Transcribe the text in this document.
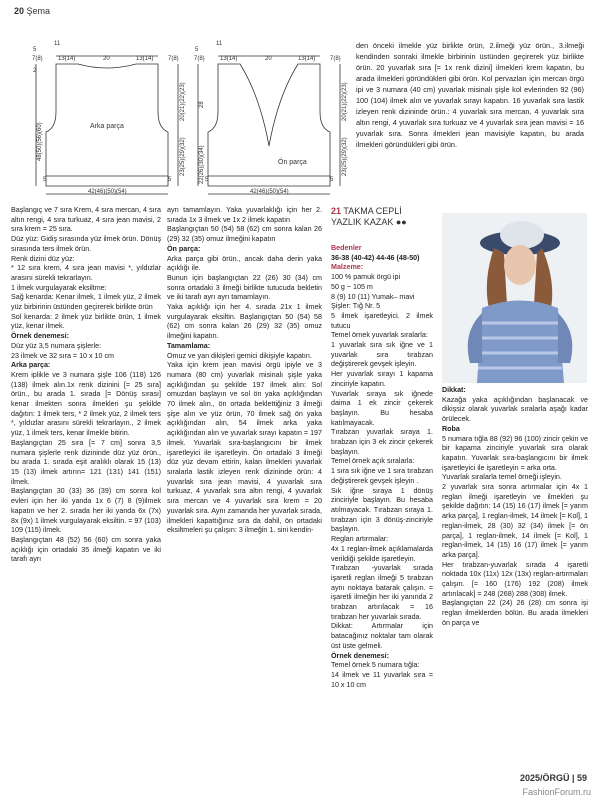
20 Şema
5
11
7(8)	13(14)	20	13(14) 7(8)
2
Arka parça
5
42(46)(50)(54)
5
48(50)(56)(60)
20(21)(22)(23)
23(25)(29)(32)
5
11
7(8)	13(14)	20	13(14) 7(8)
Ön parça
5
42(46)(50)(54)
5
28
22(26)(30)(34)
20(21)(22)(23)
23(25)(29)(32)

den önceki ilmekle yüz birlikte örün, 2.ilmeği yüz örün., 3.ilmeği kendinden sonraki ilmekle birbirinin üstünden geçirerek yüz birlikte örün. 20 yuvarlak sıra [= 1x renk dizini] ilmekleri krem kapatın, bu arada ilmekleri göründükleri gibi örün. Kol pervazları için mercan örgü ipi ve 3 numara (40 cm) yuvarlak misinalı şişle kol evlerinden 92 (96) 100 (104) ilmek alın ve yuvarlak sırayı kapatın. 16 yuvarlak sıra lastik izleyen renk dizininde örün.: 4 yuvarlak sıra mercan, 4 yuvarlak sıra altın rengi, 4 yuvarlak sıra turkuaz ve 4 yuvarlak sıra jean mavisi = 16 yuvarlak sıra. Sonra ilmekleri jean mavisiyle kapatın, bu arada ilmekleri göründükleri gibi örün.

Başlangıç ve 7 sıra Krem, 4 sıra mercan, 4 sıra altın rengi, 4 sıra turkuaz, 4 sıra jean mavisi, 2 sıra krem = 25 sıra.

Düz yüz: Gidiş sırasında yüz ilmek örün. Dönüş sırasında ters ilmek örün.

Renk dizini düz yüz:

* 12 sıra krem, 4 sıra jean mavisi *, yıldızlar arasını sürekli tekrarlayın.

1 ilmek vurgulayarak eksiltme:

Sağ kenarda: Kenar ilmek, 1 ilmek yüz, 2 ilmek yüz birbirinin üstünden geçirerek birlikte örün

Sol kenarda: 2 ilmek yüz birlikte örün, 1 ilmek yüz, kenar ilmek.

Örnek denemesi:

Düz yüz 3,5 numara şişlerle:

23 ilmek ve 32 sıra = 10 x 10 cm

Arka parça:

Krem iplikle ve 3 numara şişle 106 (118) 126 (138) ilmek alın.1x renk dizinini [= 25 sıra] örün., bu arada 1. sırada [= Dönüş sırası] kenar ilmekten sonra ilmekleri şu şekilde dağıtın: 1 ilmek ters, * 2 ilmek yüz, 2 ilmek ters *, yıldızlar arasını sürekli tekrarlayın., 2 ilmek yüz, 1 ilmek ters, kenar ilmekle bitirin.

Başlangıçtan 25 sıra [= 7 cm] sonra 3,5 numara şişlerle renk dizininde düz yüz örün., bu arada 1. sırada eşit aralıklı olarak 15 (13) 15 (13) ilmek artırın= 121 (131) 141 (151) ilmek.

Başlangıçtan 30 (33) 36 (39) cm sonra kol evleri için her iki yanda 1x 6 (7) 8 (9)ilmek kapatın ve her 2. sırada her iki yanda 6x (7x) 8x (9x) 1 ilmek vurgulayarak eksiltin. = 97 (103) 109 (115) ilmek.

Başlangıçtan 48 (52) 56 (60) cm sonra yaka açıklığı için ortadaki 35 ilmeği kapatın ve iki tarafı ayrı

ayrı tamamlayın. Yaka yuvarlaklığı için her 2. sırada 1x 3 ilmek ve 1x 2 ilmek kapatın

Başlangıçtan 50 (54) 58 (62) cm sonra kalan 26 (29) 32 (35) omuz ilmeğini kapatın

Ön parça:

Arka parça gibi örün., ancak daha derin yaka açıklığı ile.

Bunun için başlangıçtan 22 (26) 30 (34) cm sonra ortadaki 3 ilmeği birlikte tutucuda bekletin ve iki tarafı ayrı ayrı tamamlayın.

Yaka açıklığı için her 4. sırada 21x 1 ilmek vurgulayarak eksiltin. Başlangıçtan 50 (54) 58 (62) cm sonra kalan 26 (29) 32 (35) omuz ilmeğini kapatın.

Tamamlama:

Omuz ve yan dikişleri gemici dikişiyle kapatın.

Yaka için krem jean mavisi örgü ipiyle ve 3 numara (80 cm) yuvarlak misinalı şişle yaka açıklığından şu şekilde 197 ilmek alın: Sol omuzdan başlayın ve sol ön yaka açıklığından 70 ilmek alın., ön ortada beklettiğiniz 3 ilmeği şişe alın ve yüz örün, 70 ilmek sağ ön yaka açıklığından alın, 54 ilmek arka yaka açıklığından alın ve yuvarlak sırayı kapatın = 197 ilmek. Yuvarlak sıra-başlangıcını bir ilmek işaretleyici ile işaretleyin. Ön ortadaki 3 ilmeği düz yüz devam ettirin, kalan ilmekleri yuvarlak sıralarla lastik izleyen renk dizininde örün: 4 yuvarlak sıra jean mavisi, 4 yuvarlak sıra turkuaz, 4 yuvarlak sıra altın rengi, 4 yuvarlak sıra mercan ve 4 yuvarlak sıra krem = 20 yuvarlak sıra. Aynı zamanda her yuvarlak sırada, ilmekleri kapattığınız sıra da dahil, ön ortadaki eksiltmeleri şu çalışın: 3 ilmeğin 1. sini kendin-

21 TAKMA CEPLİ YAZLIK KAZAK ●●

Bedenler

36-38 (40-42) 44-46 (48-50)

Malzeme:

100 % pamuk örgü ipi

50 g ~ 105 m

8 (9) 10 (11) Yumak– mavi

Şişler: Tığ Nr. 5

5 ilmek işaretleyici. 2 ilmek tutucu

Temel örnek yuvarlak sıralarla:

1 yuvarlak sıra sık iğne ve 1 yuvarlak sıra tırabzan değiştirerek gevşek işleyin.

Her yuvarlak sırayı 1 kapama zinciriyle kapatın.

Yuvarlak sıraya sık iğnede daima 1 ek zincir çekerek başlayın. Bu hesaba katılmayacak.

Tırabzan yuvarlak sıraya 1. tırabzan için 3 ek zincir çekerek başlayın.

Temel örnek açık sıralarla:

1 sıra sık iğne ve 1 sıra tırabzan değiştirerek gevşek işleyin .

Sık iğne sıraya 1 dönüş zinciriyle başlayın. Bu hesaba atılmayacak. Tırabzan sıraya 1. tırabzan için 3 dönüş-zinciriyle başlayın.

Reglan artırmalar:

4x 1 reglan-ilmek açıklamalarda verildiği şekilde işaretleyin.

Tırabzan -yuvarlak sırada işaretli reglan ilmeği 5 tırabzan aynı noktaya batarak çalışın. = işaretli ilmeğin her iki yanında 2 tırabzan artırılacak = 16 tırabzan her yuvarlak sırada.

Dikkat: Artırmalar için batacağınız noktalar tam olarak üst üste gelmeli.

Örnek denemesi:

Temel örnek 5 numara tığla:

14 ilmek ve 11 yuvarlak sıra = 10 x 10 cm

Dikkat:

Kazağa yaka açıklığından başlanacak ve dikişsiz olarak yuvarlak sıralarla aşağı kadar örülecek.

Roba

5 numara tığla 88 (92) 96 (100) zincir çekin ve bir kapama zinciriyle yuvarlak sıra olarak kapatın. Yuvarlak sıra-başlangıcını bir ilmek işaretleyici ile işaretleyin = arka orta.

Yuvarlak sıralarla temel örneği işleyin.

2 yuvarlak sıra sonra artırmalar için 4x 1 reglan ilmeği işaretleyin ve ilmekleri şu şekilde dağıtın: 14 (15) 16 (17) ilmek [= yarım arka parça], 1 reglan-ilmek, 14 ilmek [= Kol], 1 reglan-ilmek, 28 (30) 32 (34) ilmek [= ön parça], 1 reglan-ilmek, 14 ilmek [= Kol], 1 reglan-ilmek, 14 (15) 16 (17) ilmek [= yarım arka parça].

Her tırabzan-yuvarlak sırada 4 işaretli noktada 10x (11x) 12x (13x) reglan-artırmaları çalışın. [= 160 (176) 192 (208) ilmek artırılacak] = 248 (268) 288 (308) ilmek.

Başlangıçtan 22 (24) 26 (28) cm sonra işi reglan ilmeklerden bölün. Bu arada ilmekleri ön parça ve

2025/ÖRGÜ | 59
FashionForum.ru
